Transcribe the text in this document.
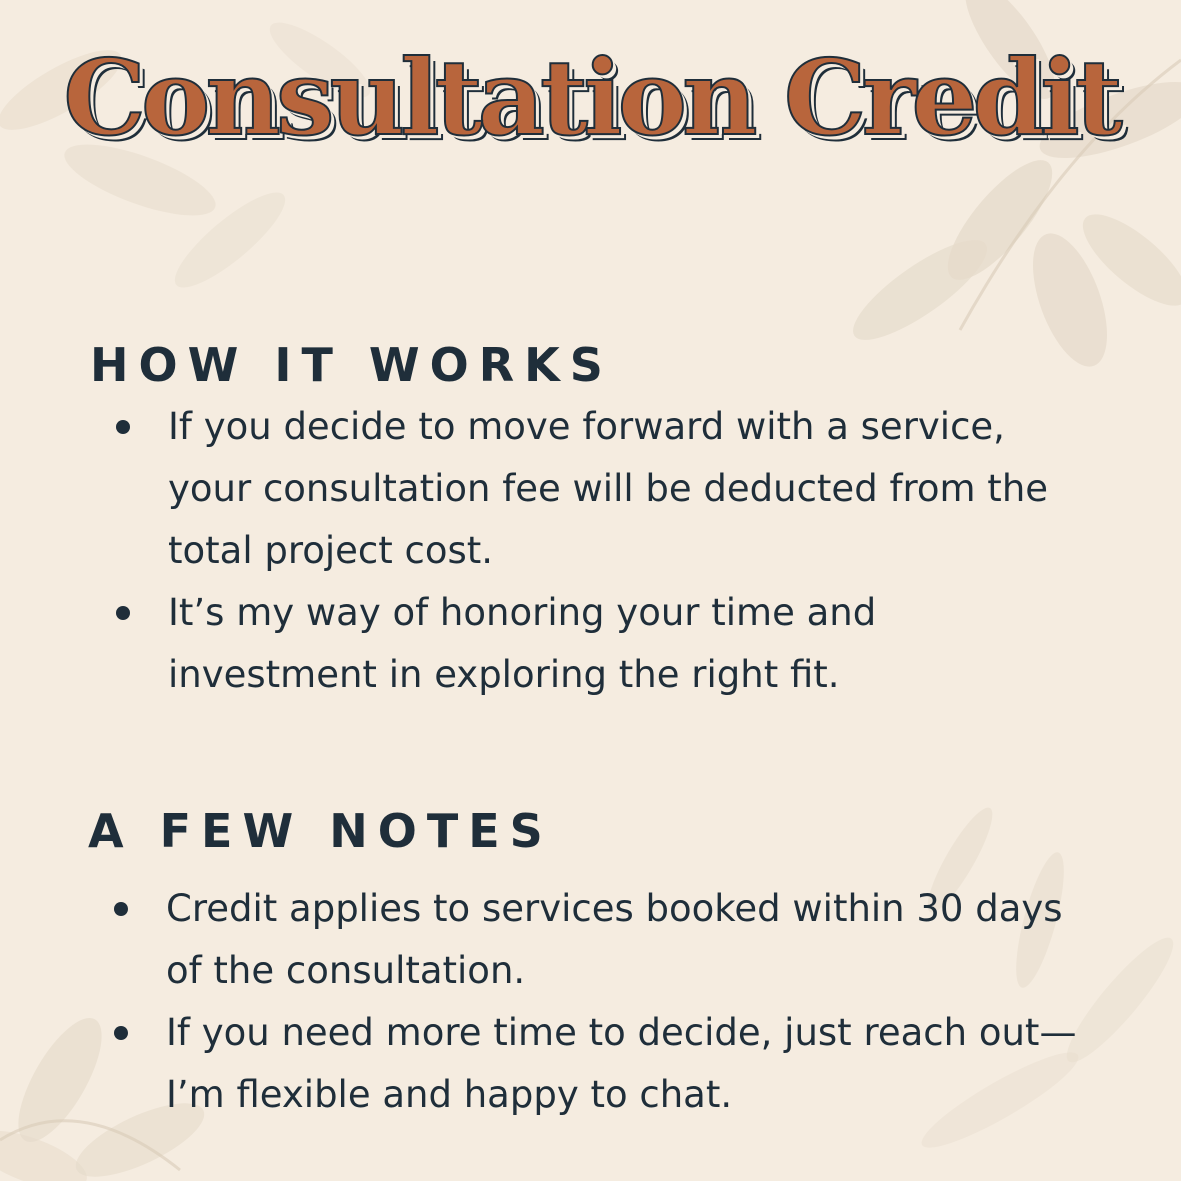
Consultation Credit
HOW IT WORKS
If you decide to move forward with a service, your consultation fee will be deducted from the total project cost.
It’s my way of honoring your time and investment in exploring the right fit.
A FEW NOTES
Credit applies to services booked within 30 days of the consultation.
If you need more time to decide, just reach out—I’m flexible and happy to chat.
